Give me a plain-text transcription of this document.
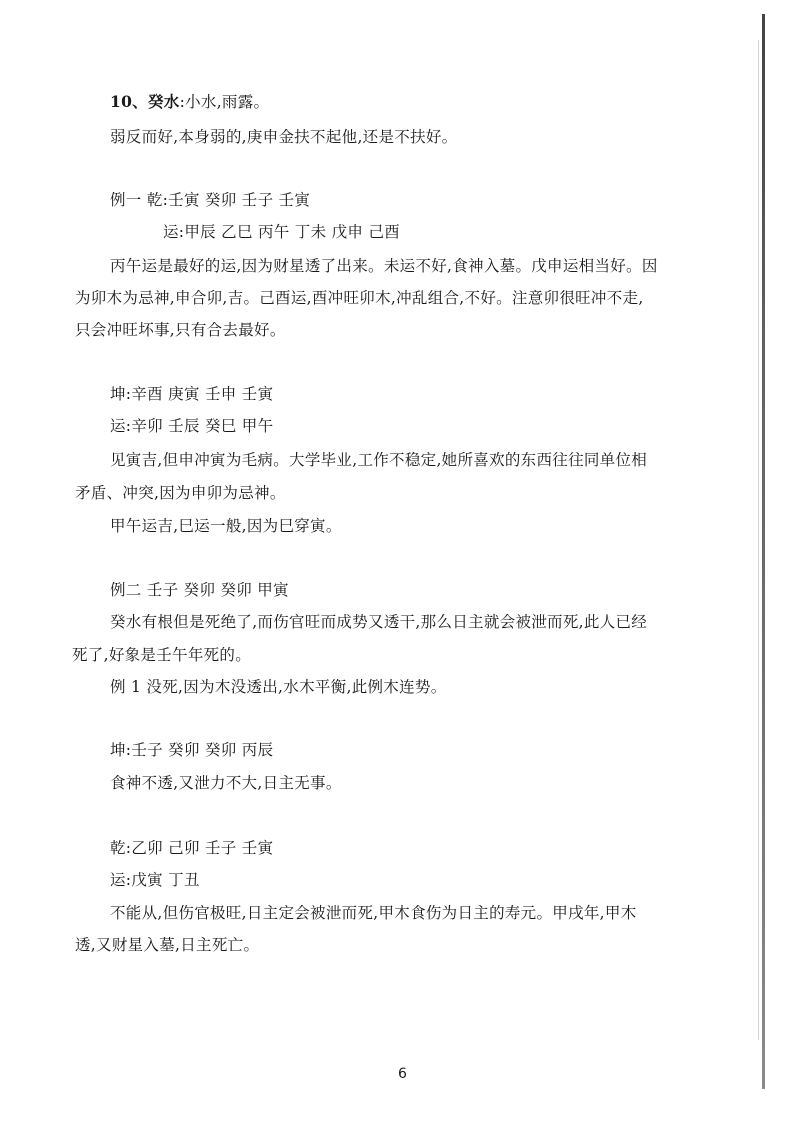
10、癸水:小水,雨露。
弱反而好,本身弱的,庚申金扶不起他,还是不扶好。
例一 乾:壬寅 癸卯 壬子 壬寅
运:甲辰 乙巳 丙午 丁未 戊申 己酉
丙午运是最好的运,因为财星透了出来。未运不好,食神入墓。戊申运相当好。因
为卯木为忌神,申合卯,吉。己酉运,酉冲旺卯木,冲乱组合,不好。注意卯很旺冲不走,
只会冲旺坏事,只有合去最好。
坤:辛酉 庚寅 壬申 壬寅
运:辛卯 壬辰 癸巳 甲午
见寅吉,但申冲寅为毛病。大学毕业,工作不稳定,她所喜欢的东西往往同单位相
矛盾、冲突,因为申卯为忌神。
甲午运吉,巳运一般,因为巳穿寅。
例二 壬子 癸卯 癸卯 甲寅
癸水有根但是死绝了,而伤官旺而成势又透干,那么日主就会被泄而死,此人已经
死了,好象是壬午年死的。
例 1 没死,因为木没透出,水木平衡,此例木连势。
坤:壬子 癸卯 癸卯 丙辰
食神不透,又泄力不大,日主无事。
乾:乙卯 己卯 壬子 壬寅
运:戊寅 丁丑
不能从,但伤官极旺,日主定会被泄而死,甲木食伤为日主的寿元。甲戌年,甲木
透,又财星入墓,日主死亡。
6
